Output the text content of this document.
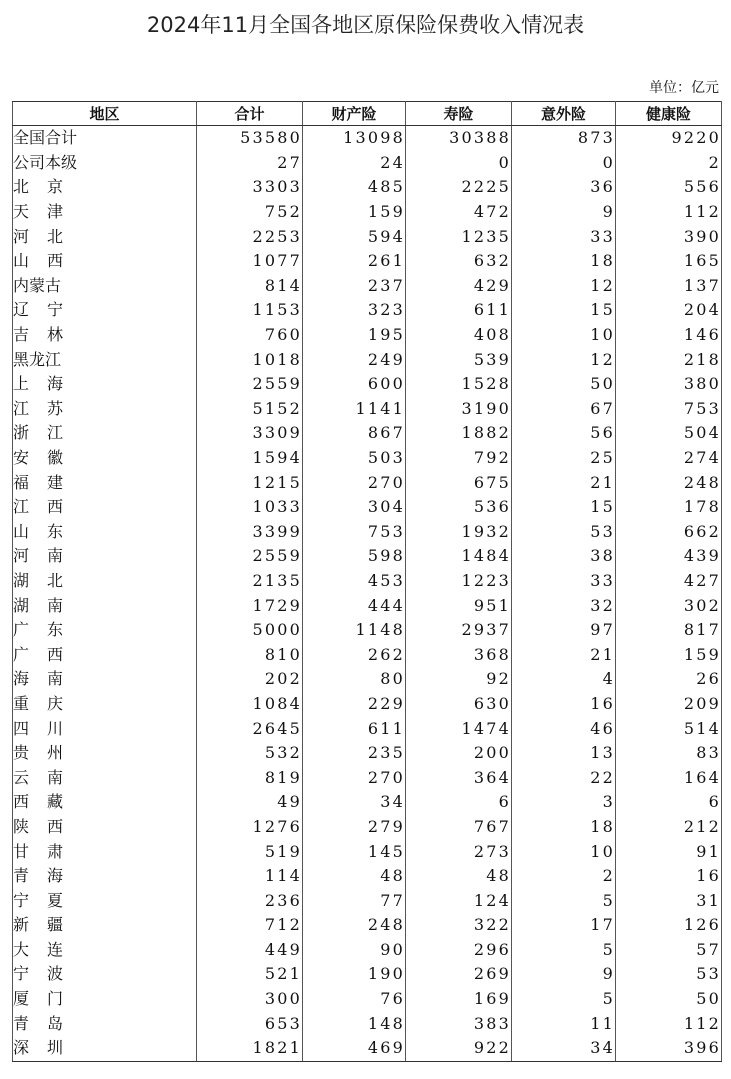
2024年11月全国各地区原保险保费收入情况表
单位：亿元
地区	合计	财产险	寿险	意外险	健康险
全国合计	53580	13098	30388	873	9220
公司本级	27	24	0	0	2
北京	3303	485	2225	36	556
天津	752	159	472	9	112
河北	2253	594	1235	33	390
山西	1077	261	632	18	165
内蒙古	814	237	429	12	137
辽宁	1153	323	611	15	204
吉林	760	195	408	10	146
黑龙江	1018	249	539	12	218
上海	2559	600	1528	50	380
江苏	5152	1141	3190	67	753
浙江	3309	867	1882	56	504
安徽	1594	503	792	25	274
福建	1215	270	675	21	248
江西	1033	304	536	15	178
山东	3399	753	1932	53	662
河南	2559	598	1484	38	439
湖北	2135	453	1223	33	427
湖南	1729	444	951	32	302
广东	5000	1148	2937	97	817
广西	810	262	368	21	159
海南	202	80	92	4	26
重庆	1084	229	630	16	209
四川	2645	611	1474	46	514
贵州	532	235	200	13	83
云南	819	270	364	22	164
西藏	49	34	6	3	6
陕西	1276	279	767	18	212
甘肃	519	145	273	10	91
青海	114	48	48	2	16
宁夏	236	77	124	5	31
新疆	712	248	322	17	126
大连	449	90	296	5	57
宁波	521	190	269	9	53
厦门	300	76	169	5	50
青岛	653	148	383	11	112
深圳	1821	469	922	34	396
